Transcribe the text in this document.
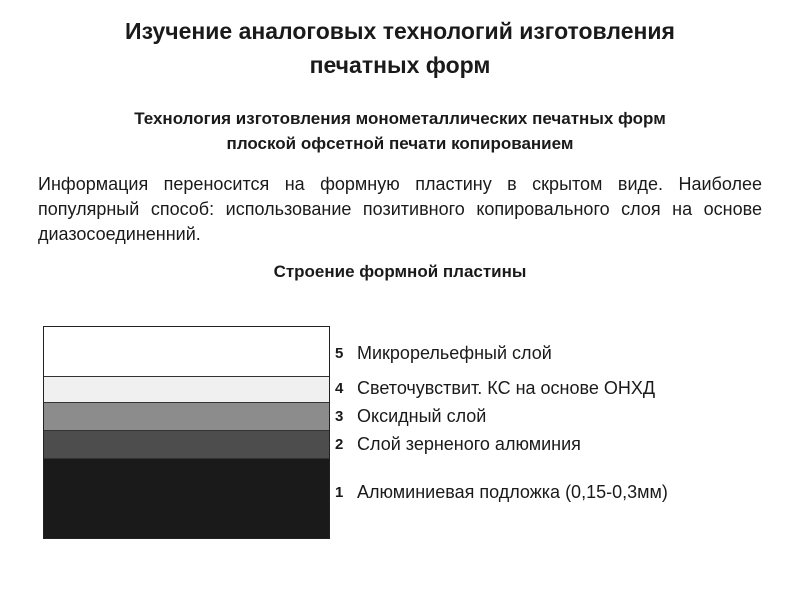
Изучение аналоговых технологий изготовления
печатных форм
Технология изготовления монометаллических печатных форм
плоской офсетной печати копированием
Информация переносится на формную пластину в скрытом виде. Наиболее популярный способ: использование позитивного копировального слоя на основе диазосоединенний.
Строение формной пластины
5 Микрорельефный слой
4 Светочувствит. КС на основе ОНХД
3 Оксидный слой
2 Слой зерненого алюминия
1 Алюминиевая подложка (0,15-0,3мм)
